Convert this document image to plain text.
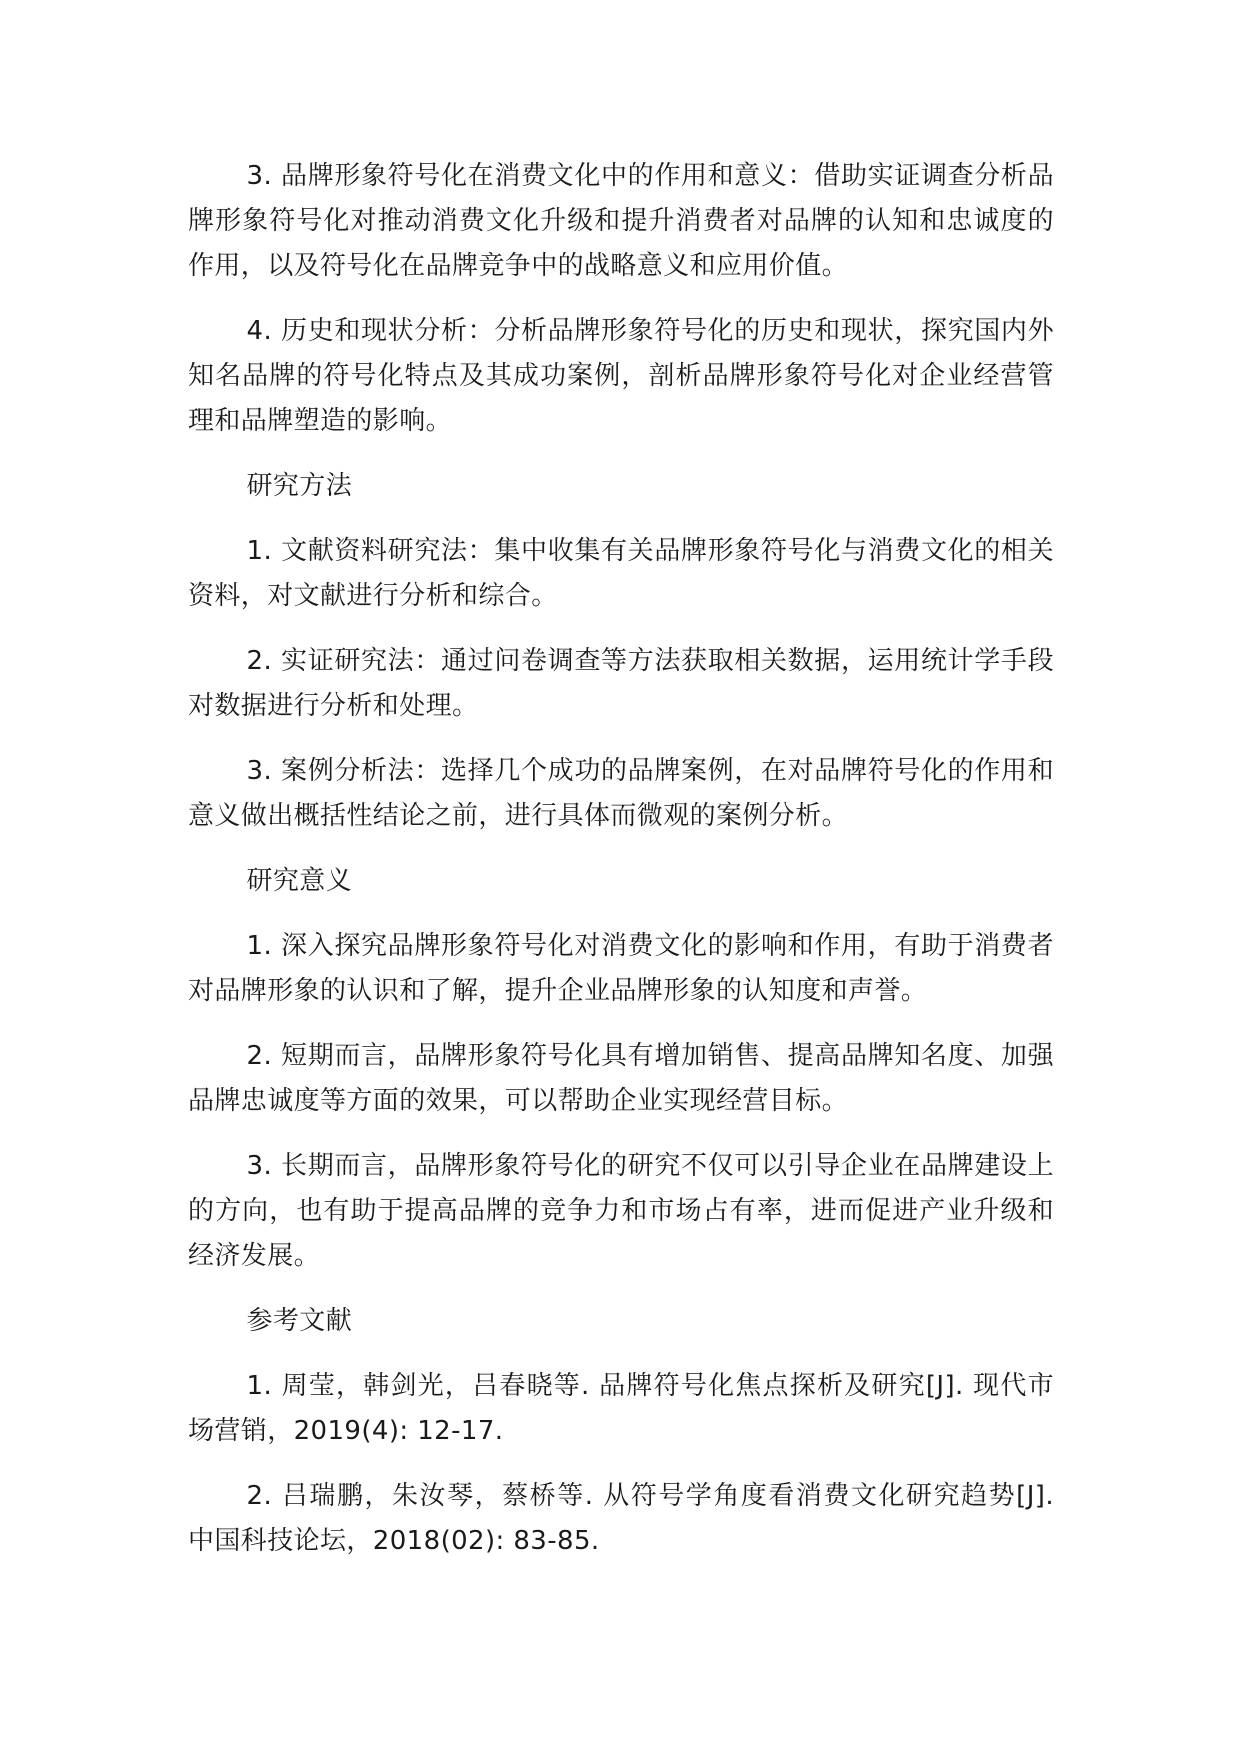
3. 品牌形象符号化在消费文化中的作用和意义：借助实证调查分析品牌形象符号化对推动消费文化升级和提升消费者对品牌的认知和忠诚度的作用，以及符号化在品牌竞争中的战略意义和应用价值。

4. 历史和现状分析：分析品牌形象符号化的历史和现状，探究国内外知名品牌的符号化特点及其成功案例，剖析品牌形象符号化对企业经营管理和品牌塑造的影响。

研究方法

1. 文献资料研究法：集中收集有关品牌形象符号化与消费文化的相关资料，对文献进行分析和综合。

2. 实证研究法：通过问卷调查等方法获取相关数据，运用统计学手段对数据进行分析和处理。

3. 案例分析法：选择几个成功的品牌案例，在对品牌符号化的作用和意义做出概括性结论之前，进行具体而微观的案例分析。

研究意义

1. 深入探究品牌形象符号化对消费文化的影响和作用，有助于消费者对品牌形象的认识和了解，提升企业品牌形象的认知度和声誉。

2. 短期而言，品牌形象符号化具有增加销售、提高品牌知名度、加强品牌忠诚度等方面的效果，可以帮助企业实现经营目标。

3. 长期而言，品牌形象符号化的研究不仅可以引导企业在品牌建设上的方向，也有助于提高品牌的竞争力和市场占有率，进而促进产业升级和经济发展。

参考文献

1. 周莹，韩剑光，吕春晓等. 品牌符号化焦点探析及研究[J]. 现代市场营销，2019(4): 12-17.

2. 吕瑞鹏，朱汝琴，蔡桥等. 从符号学角度看消费文化研究趋势[J]. 中国科技论坛，2018(02): 83-85.
